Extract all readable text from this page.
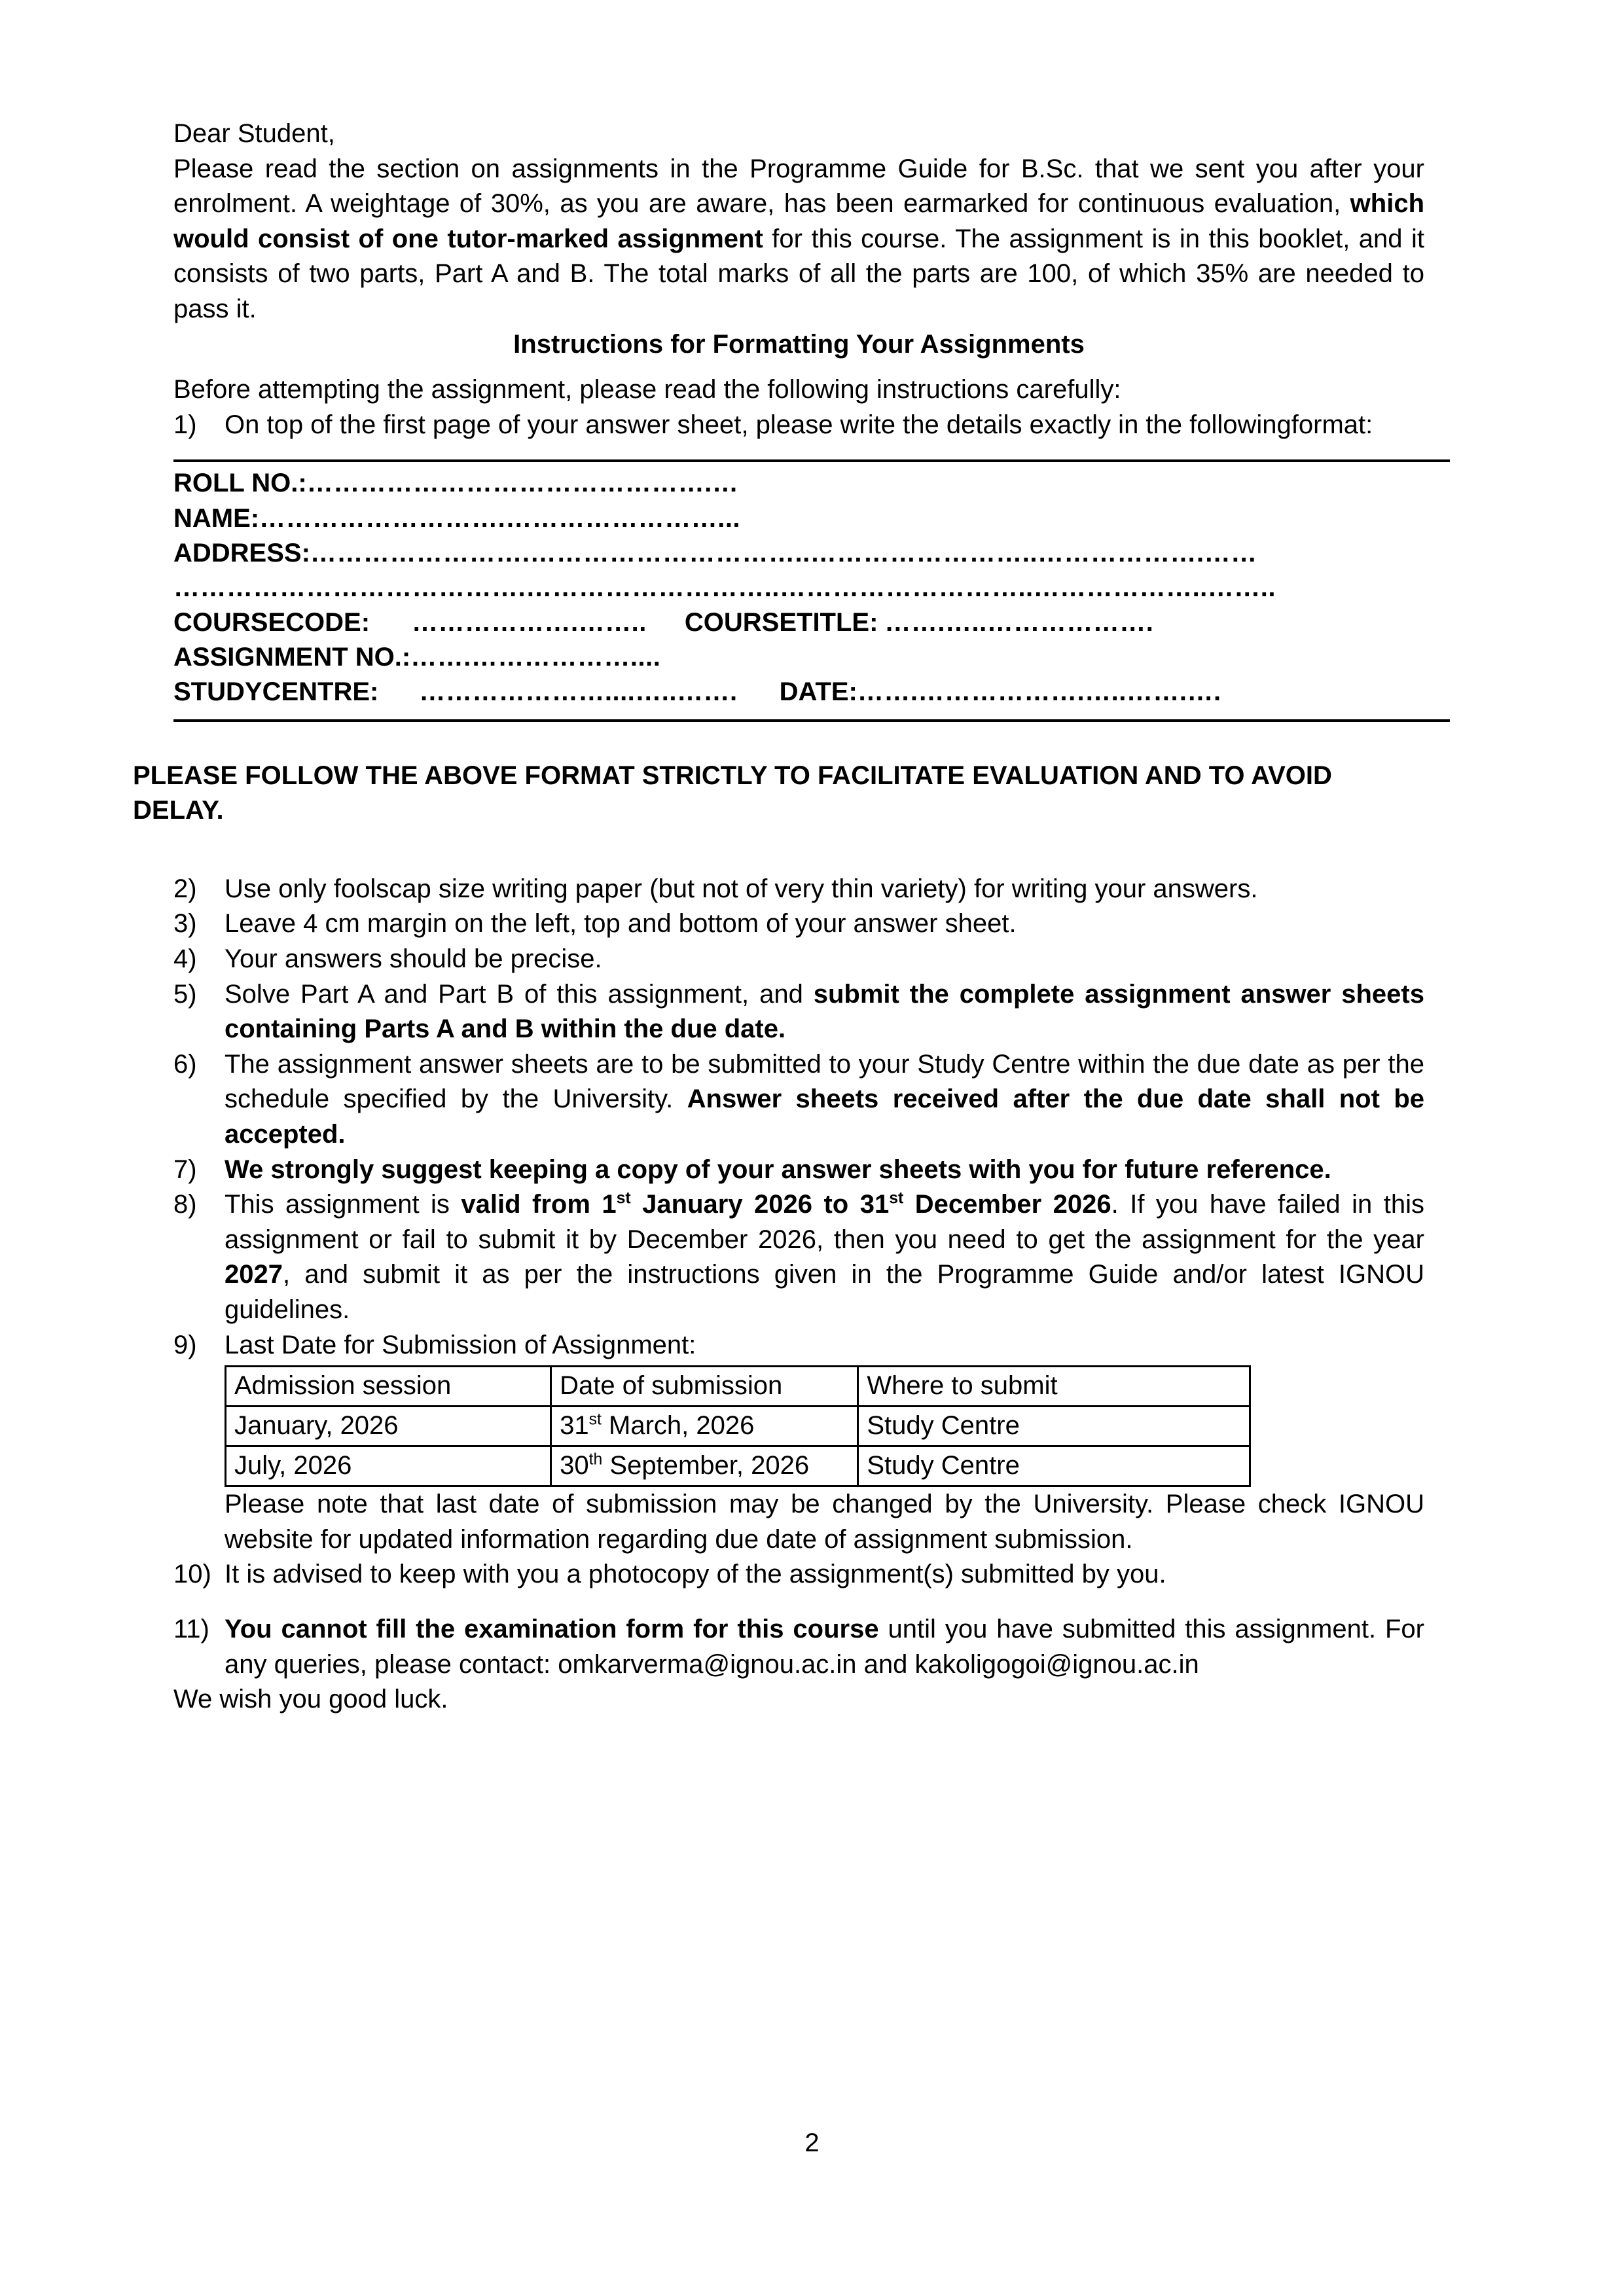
Dear Student,

Please read the section on assignments in the Programme Guide for B.Sc. that we sent you after your enrolment. A weightage of 30%, as you are aware, has been earmarked for continuous evaluation, which would consist of one tutor-marked assignment for this course. The assignment is in this booklet, and it consists of two parts, Part A and B. The total marks of all the parts are 100, of which 35% are needed to pass it.

Instructions for Formatting Your Assignments

Before attempting the assignment, please read the following instructions carefully:

1)	On top of the first page of your answer sheet, please write the details exactly in the followingformat:
ROLL NO.:……………………………………….…
NAME:……………………….……………………...
ADDRESS:…………………….…………………………..……………………..……………….……
………………………………….………………………..………………………..………………..……..
COURSECODE: ……………….…….. COURSETITLE: …….…..……………….
ASSIGNMENT NO.:…….………………....
STUDYCENTRE: …………………....…..……. DATE:…….……………….…..…….….

PLEASE FOLLOW THE ABOVE FORMAT STRICTLY TO FACILITATE EVALUATION AND TO AVOID DELAY.

2)	Use only foolscap size writing paper (but not of very thin variety) for writing your answers.
3)	Leave 4 cm margin on the left, top and bottom of your answer sheet.
4)	Your answers should be precise.
5)	Solve Part A and Part B of this assignment, and submit the complete assignment answer sheets containing Parts A and B within the due date.
6)	The assignment answer sheets are to be submitted to your Study Centre within the due date as per the schedule specified by the University. Answer sheets received after the due date shall not be accepted.
7)	We strongly suggest keeping a copy of your answer sheets with you for future reference.
8)	This assignment is valid from 1st January 2026 to 31st December 2026. If you have failed in this assignment or fail to submit it by December 2026, then you need to get the assignment for the year 2027, and submit it as per the instructions given in the Programme Guide and/or latest IGNOU guidelines.
9)	Last Date for Submission of Assignment:
Admission session	Date of submission	Where to submit
January, 2026	31st March, 2026	Study Centre
July, 2026	30th September, 2026	Study Centre
Please note that last date of submission may be changed by the University. Please check IGNOU website for updated information regarding due date of assignment submission.
10) It is advised to keep with you a photocopy of the assignment(s) submitted by you.
11) You cannot fill the examination form for this course until you have submitted this assignment. For any queries, please contact: omkarverma@ignou.ac.in and kakoligogoi@ignou.ac.in

We wish you good luck.

2
